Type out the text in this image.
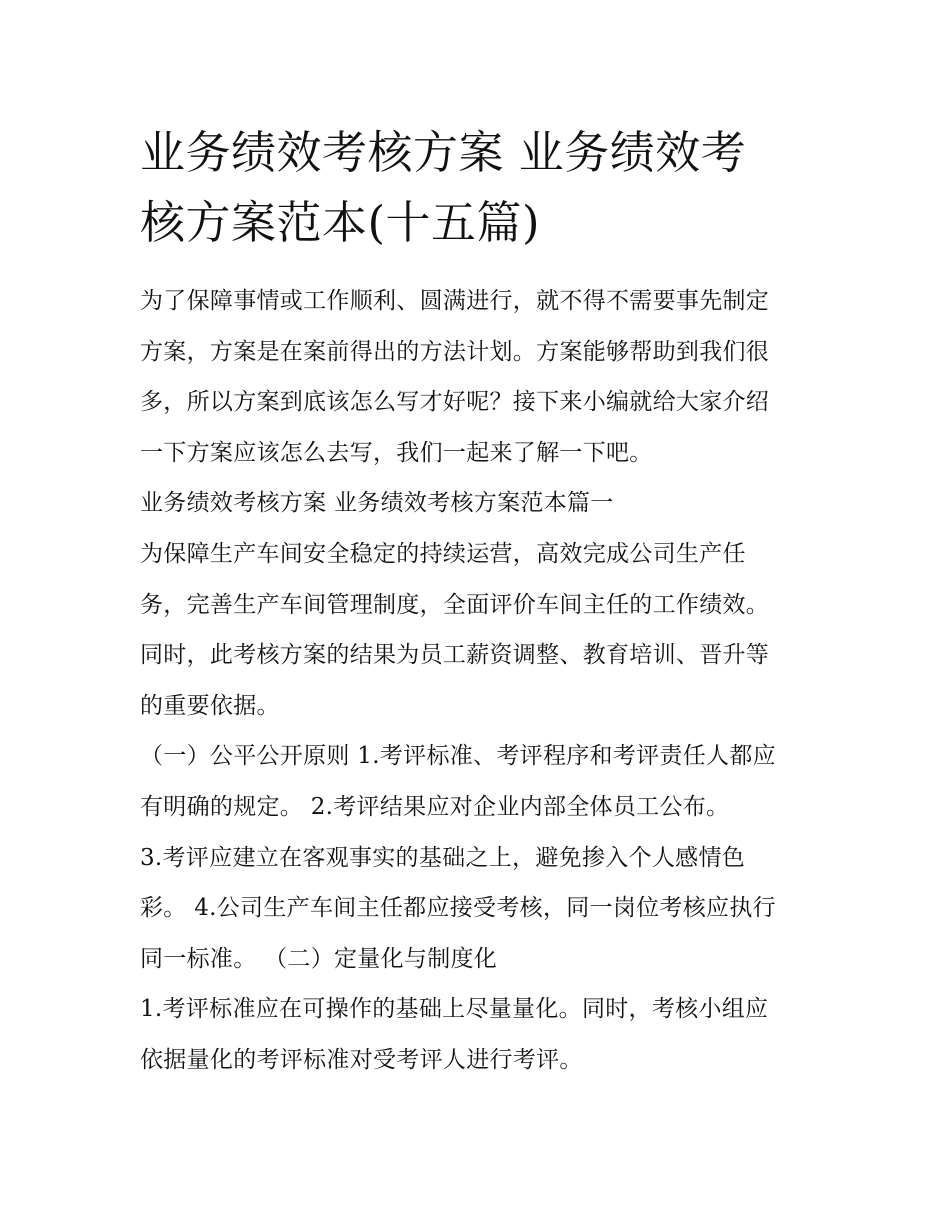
业务绩效考核方案 业务绩效考
核方案范本(十五篇)
为了保障事情或工作顺利、圆满进行，就不得不需要事先制定
方案，方案是在案前得出的方法计划。方案能够帮助到我们很
多，所以方案到底该怎么写才好呢？接下来小编就给大家介绍
一下方案应该怎么去写，我们一起来了解一下吧。
业务绩效考核方案 业务绩效考核方案范本篇一
为保障生产车间安全稳定的持续运营，高效完成公司生产任
务，完善生产车间管理制度，全面评价车间主任的工作绩效。
同时，此考核方案的结果为员工薪资调整、教育培训、晋升等
的重要依据。
（一）公平公开原则 1.考评标准、考评程序和考评责任人都应
有明确的规定。 2.考评结果应对企业内部全体员工公布。
3.考评应建立在客观事实的基础之上，避免掺入个人感情色
彩。 4.公司生产车间主任都应接受考核，同一岗位考核应执行
同一标准。 （二）定量化与制度化
1.考评标准应在可操作的基础上尽量量化。同时，考核小组应
依据量化的考评标准对受考评人进行考评。
